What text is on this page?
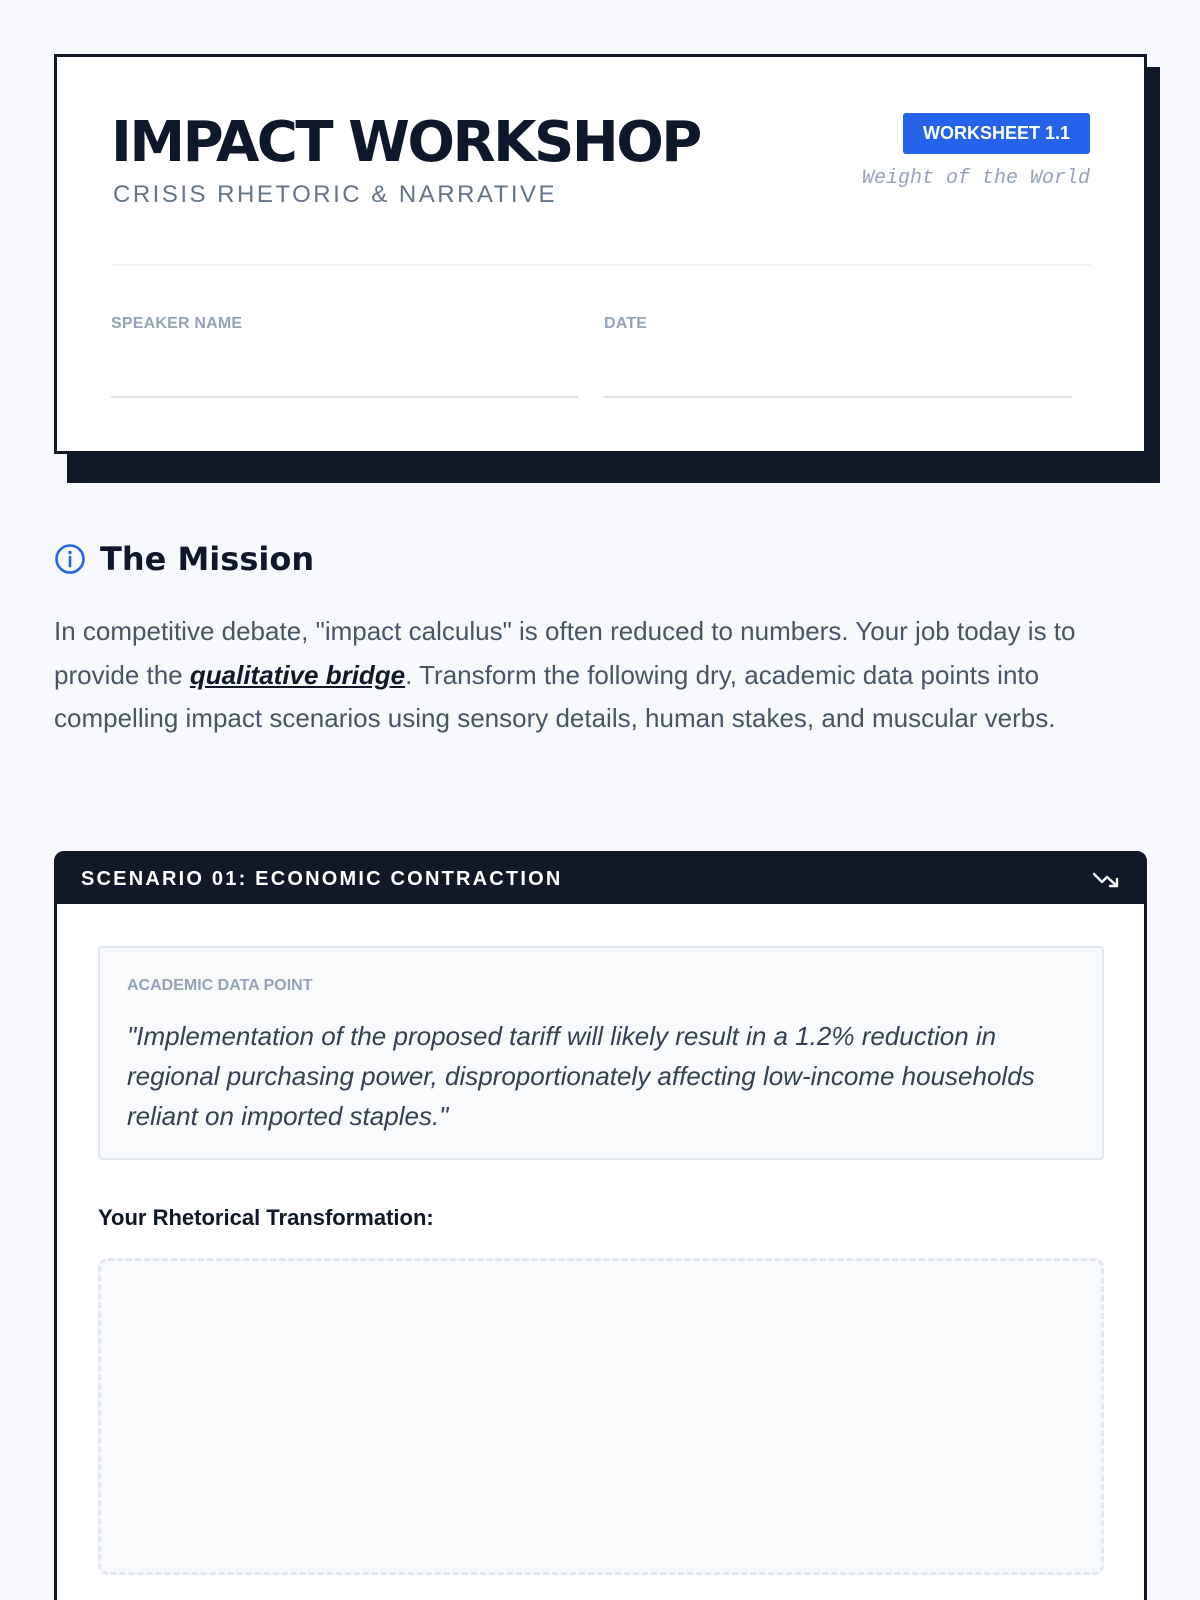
IMPACT WORKSHOP
CRISIS RHETORIC & NARRATIVE
WORKSHEET 1.1
Weight of the World
SPEAKER NAME	DATE
The Mission

In competitive debate, "impact calculus" is often reduced to numbers. Your job today is to provide the qualitative bridge. Transform the following dry, academic data points into compelling impact scenarios using sensory details, human stakes, and muscular verbs.

SCENARIO 01: ECONOMIC CONTRACTION
ACADEMIC DATA POINT
"Implementation of the proposed tariff will likely result in a 1.2% reduction in regional purchasing power, disproportionately affecting low-income households reliant on imported staples."
Your Rhetorical Transformation:
